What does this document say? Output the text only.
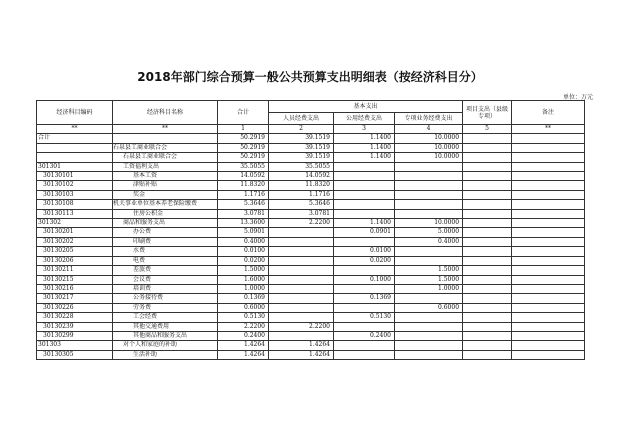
2018年部门综合预算一般公共预算支出明细表（按经济科目分）
单位：万元
经济科目编码	经济科目名称	合计	基本支出			项目支出（县级专项）	备注
			人员经费支出	公用经费支出	专项业务经费支出		
**	**	1	2	3	4	5	**
合计		50.2919	39.1519	1.1400	10.0000		
	石泉县工商业联合会	50.2919	39.1519	1.1400	10.0000		
	石泉县工商业联合会	50.2919	39.1519	1.1400	10.0000		
301301	工资福利支出	35.5055	35.5055				
30130101	基本工资	14.0592	14.0592				
30130102	津贴补贴	11.8320	11.8320				
30130103	奖金	1.1716	1.1716				
30130108	机关事业单位基本养老保险缴费	5.3646	5.3646				
30130113	住房公积金	3.0781	3.0781				
301302	商品和服务支出	13.3600	2.2200	1.1400	10.0000		
30130201	办公费	5.0901		0.0901	5.0000		
30130202	印刷费	0.4000			0.4000		
30130205	水费	0.0100		0.0100			
30130206	电费	0.0200		0.0200			
30130211	差旅费	1.5000			1.5000		
30130215	会议费	1.6000		0.1000	1.5000		
30130216	培训费	1.0000			1.0000		
30130217	公务接待费	0.1369		0.1369			
30130226	劳务费	0.6000			0.6000		
30130228	工会经费	0.5130		0.5130			
30130239	其他交通费用	2.2200	2.2200				
30130299	其他商品和服务支出	0.2400		0.2400			
301303	对个人和家庭的补助	1.4264	1.4264				
30130305	生活补助	1.4264	1.4264				
